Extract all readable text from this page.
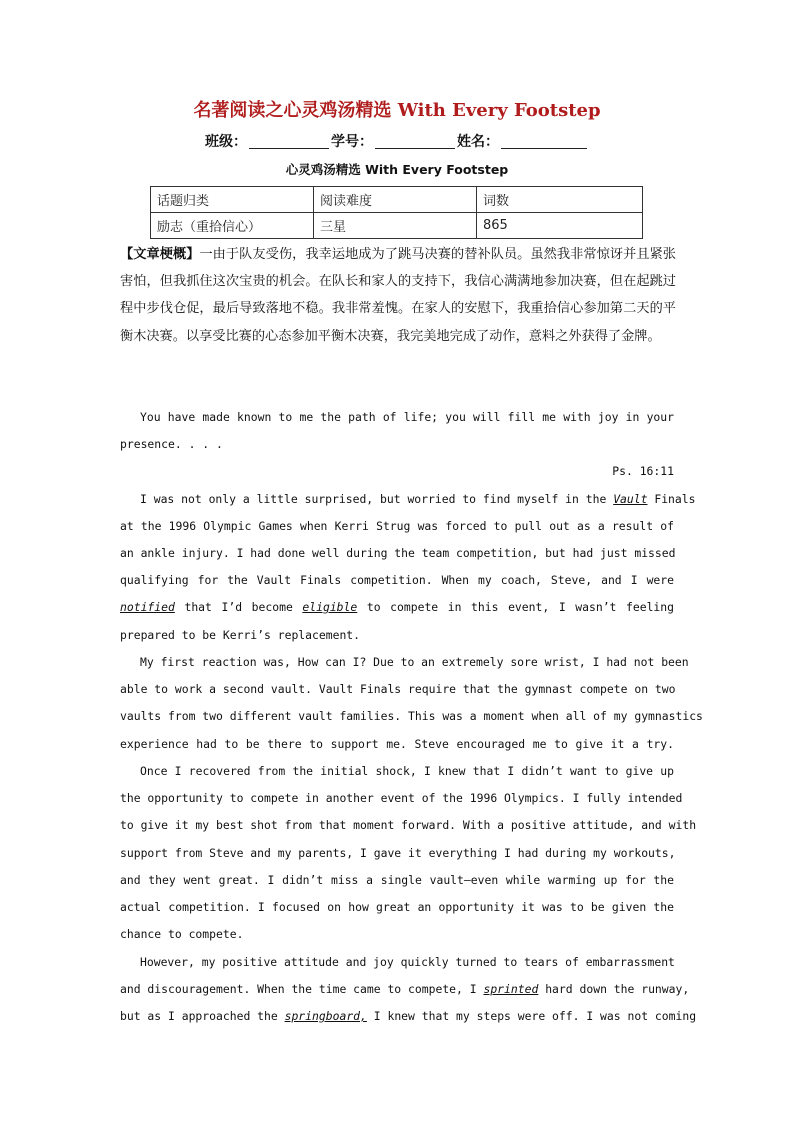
名著阅读之心灵鸡汤精选 With Every Footstep
班级：	学号：	姓名：
心灵鸡汤精选 With Every Footstep
话题归类	阅读难度	词数
励志（重拾信心）	三星	865
【文章梗概】一由于队友受伤，我幸运地成为了跳马决赛的替补队员。虽然我非常惊讶并且紧张害怕，但我抓住这次宝贵的机会。在队长和家人的支持下，我信心满满地参加决赛，但在起跳过程中步伐仓促，最后导致落地不稳。我非常羞愧。在家人的安慰下，我重拾信心参加第二天的平衡木决赛。以享受比赛的心态参加平衡木决赛，我完美地完成了动作，意料之外获得了金牌。
You have made known to me the path of life; you will fill me with joy in your
presence. . . .
Ps. 16:11
I was not only a little surprised, but worried to find myself in the Vault Finals
at the 1996 Olympic Games when Kerri Strug was forced to pull out as a result of
an ankle injury. I had done well during the team competition, but had just missed
qualifying for the Vault Finals competition. When my coach, Steve, and I were
notified that I’d become eligible to compete in this event, I wasn’t feeling
prepared to be Kerri’s replacement.
My first reaction was, How can I? Due to an extremely sore wrist, I had not been
able to work a second vault. Vault Finals require that the gymnast compete on two
vaults from two different vault families. This was a moment when all of my gymnastics
experience had to be there to support me. Steve encouraged me to give it a try.
Once I recovered from the initial shock, I knew that I didn’t want to give up
the opportunity to compete in another event of the 1996 Olympics. I fully intended
to give it my best shot from that moment forward. With a positive attitude, and with
support from Steve and my parents, I gave it everything I had during my workouts,
and they went great. I didn’t miss a single vault—even while warming up for the
actual competition. I focused on how great an opportunity it was to be given the
chance to compete.
However, my positive attitude and joy quickly turned to tears of embarrassment
and discouragement. When the time came to compete, I sprinted hard down the runway,
but as I approached the springboard, I knew that my steps were off. I was not coming
